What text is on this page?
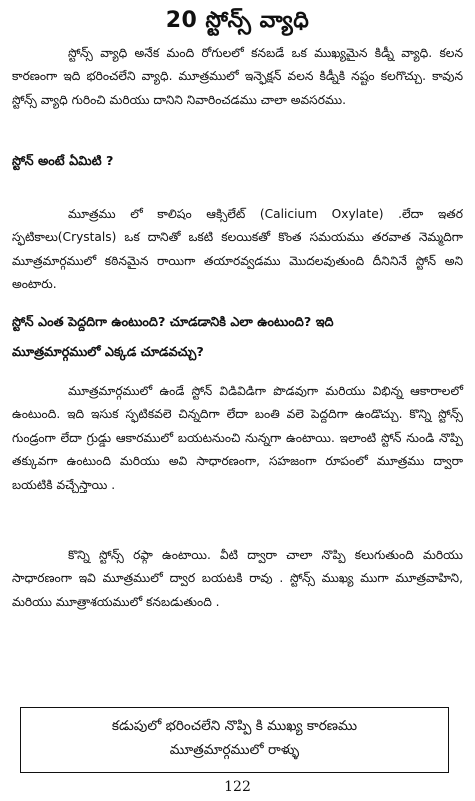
20 స్టోన్స్ వ్యాధి

స్టోన్స్ వ్యాధి అనేక మంది రోగులలో కనబడే ఒక ముఖ్యమైన కిడ్నీ వ్యాధి. కలన కారణంగా ఇది భరించలేని వ్యాధి. మూత్రములో ఇన్ఫెక్షన్ వలన కిడ్నీకి నష్టం కలగొచ్చు. కావున స్టోన్స్ వ్యాధి గురించి మరియు దానిని నివారించడము చాలా అవసరము.

స్టోన్ అంటే ఏమిటి ?

మూత్రము లో కాలిషం ఆక్సిలేట్ (Calicium Oxylate) .లేదా ఇతర స్ఫటికాలు(Crystals) ఒక దానితో ఒకటి కలయికతో కొంత సమయము తరవాత నెమ్మదిగా మూత్రమార్గములో కఠినమైన రాయిగా తయారవ్వడము మొదలవుతుంది దీనినినే స్టోన్ అని అంటారు.

స్టోన్ ఎంత పెద్దదిగా ఉంటుంది? చూడడానికి ఎలా ఉంటుంది? ఇది

మూత్రమార్గములో ఎక్కడ చూడవచ్చు?

మూత్రమార్గములో ఉండే స్టోన్ విడివిడిగా పొడవుగా మరియు విభిన్న ఆకారాలలో ఉంటుంది. ఇది ఇసుక స్ఫటికవలె చిన్నదిగా లేదా బంతి వలె పెద్దదిగా ఉండొచ్చు. కొన్ని స్టోన్స్ గుండ్రంగా లేదా గ్రుడ్డు ఆకారములో బయటనుంచి నున్నగా ఉంటాయి. ఇలాంటి స్టోన్ నుండి నొప్పి తక్కువగా ఉంటుంది మరియు అవి సాధారణంగా, సహజంగా రూపంలో మూత్రము ద్వారా బయటికి వచ్చేస్తాయి .

కొన్ని స్టోన్స్ రఫ్గా ఉంటాయి. వీటి ద్వారా చాలా నొప్పి కలుగుతుంది మరియు సాధారణంగా ఇవి మూత్రములో ద్వార బయటకి రావు . స్టోన్స్ ముఖ్య ముగా మూత్రవాహిని, మరియు మూత్రాశయములో కనబడుతుంది .

కడుపులో భరించలేని నొప్పి కి ముఖ్య కారణము
మూత్రమార్గములో రాళ్ళు
122
